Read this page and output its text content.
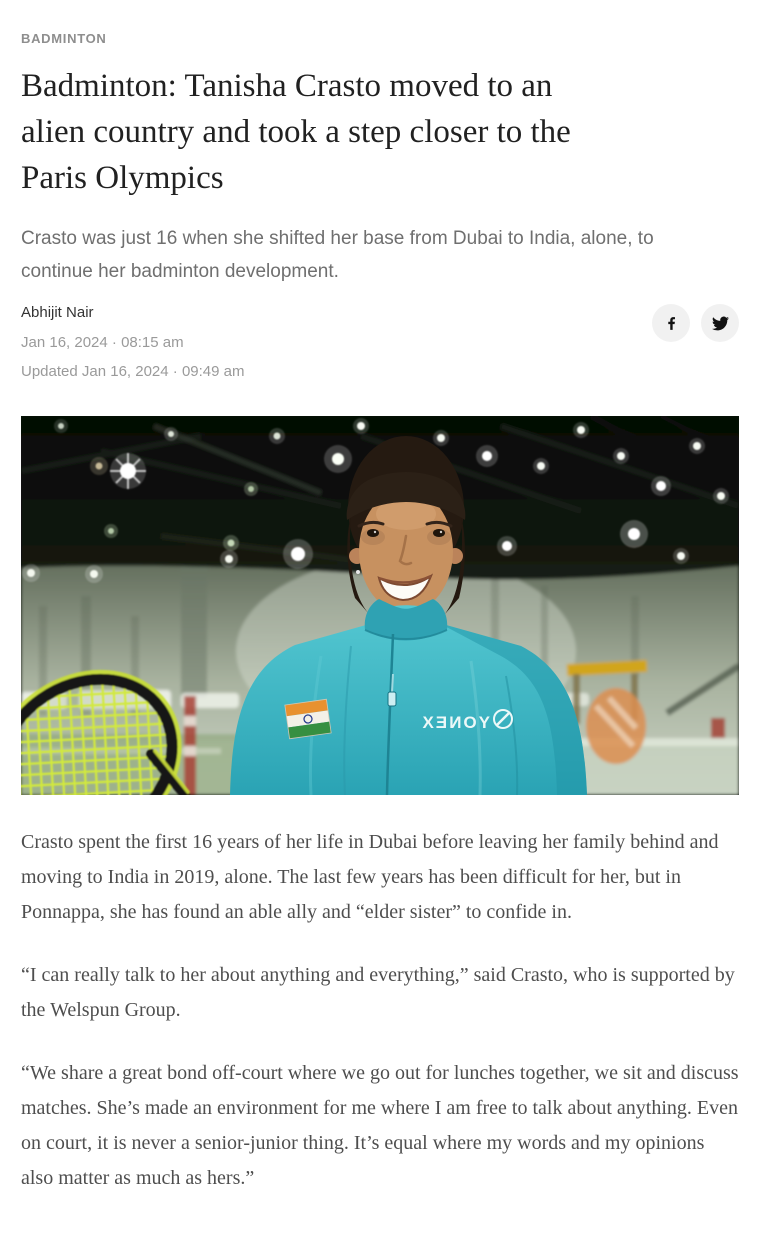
BADMINTON
Badminton: Tanisha Crasto moved to an
alien country and took a step closer to the
Paris Olympics
Crasto was just 16 when she shifted her base from Dubai to India, alone, to
continue her badminton development.
Abhijit Nair
Jan 16, 2024 · 08:15 am
Updated Jan 16, 2024 · 09:49 am
YONEX

Crasto spent the first 16 years of her life in Dubai before leaving her family behind and moving to India in 2019, alone. The last few years has been difficult for her, but in Ponnappa, she has found an able ally and “elder sister” to confide in.

“I can really talk to her about anything and everything,” said Crasto, who is supported by the Welspun Group.

“We share a great bond off-court where we go out for lunches together, we sit and discuss matches. She’s made an environment for me where I am free to talk about anything. Even on court, it is never a senior-junior thing. It’s equal where my words and my opinions also matter as much as hers.”
